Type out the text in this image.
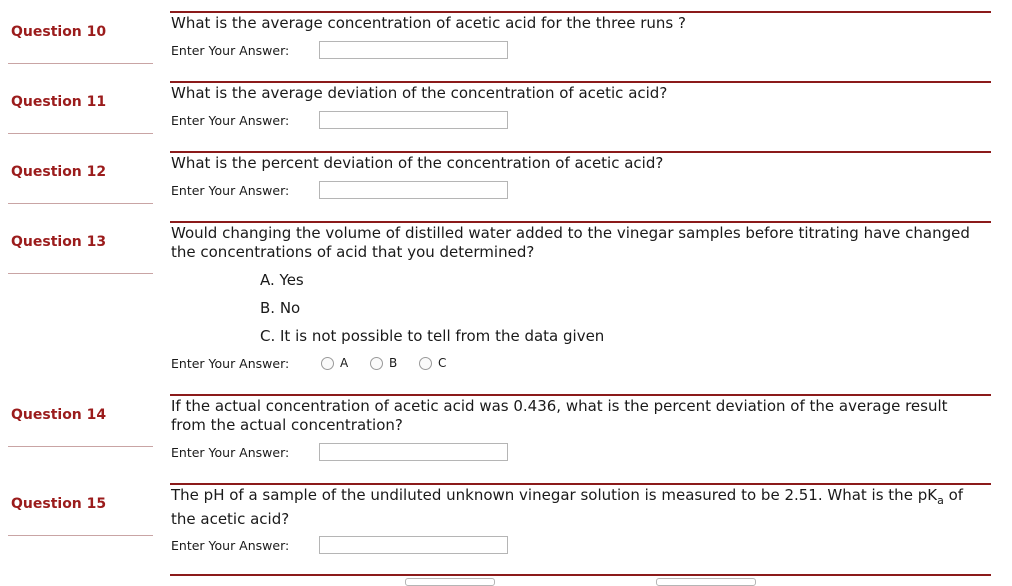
Question 10	What is the average concentration of acetic acid for the three runs ?
Enter Your Answer:
Question 11	What is the average deviation of the concentration of acetic acid?
Enter Your Answer:
Question 12	What is the percent deviation of the concentration of acetic acid?
Enter Your Answer:
Question 13	Would changing the volume of distilled water added to the vinegar samples before titrating have changed the concentrations of acid that you determined?
A. Yes
B. No
C. It is not possible to tell from the data given
Enter Your Answer:	A	B	C
Question 14	If the actual concentration of acetic acid was 0.436, what is the percent deviation of the average result from the actual concentration?
Enter Your Answer:
Question 15	The pH of a sample of the undiluted unknown vinegar solution is measured to be 2.51. What is the $pK_a$ of the acetic acid?
Enter Your Answer:
